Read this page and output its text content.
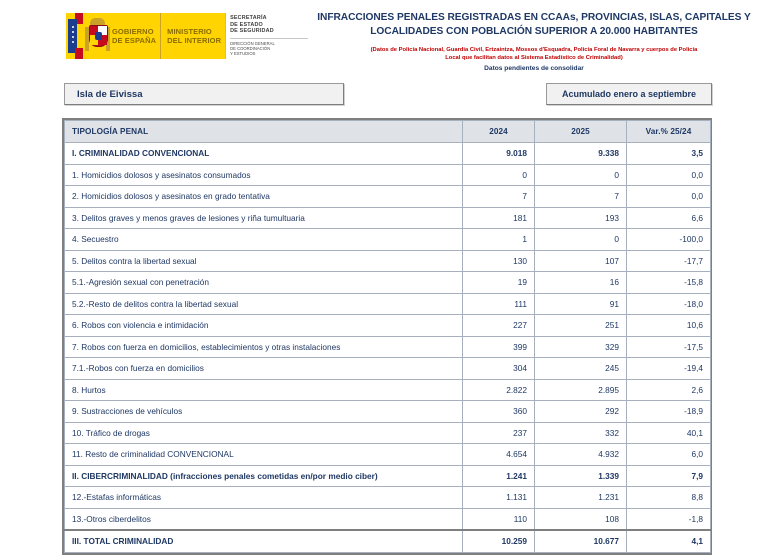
GOBIERNO
DE ESPAÑA
MINISTERIO
DEL INTERIOR
SECRETARÍA
DE ESTADO
DE SEGURIDAD
DIRECCIÓN GENERAL
DE COORDINACIÓN
Y ESTUDIOS
INFRACCIONES PENALES REGISTRADAS EN CCAAs, PROVINCIAS, ISLAS, CAPITALES Y
LOCALIDADES CON POBLACIÓN SUPERIOR A 20.000 HABITANTES
(Datos de Policía Nacional, Guardia Civil, Ertzaintza, Mossos d'Esquadra, Policía Foral de Navarra y cuerpos de Policía
Local que facilitan datos al Sistema Estadístico de Criminalidad)
Datos pendientes de consolidar
Isla de Eivissa	Acumulado enero a septiembre
TIPOLOGÍA PENAL	2024	2025	Var.% 25/24
I. CRIMINALIDAD CONVENCIONAL	9.018	9.338	3,5
1. Homicidios dolosos y asesinatos consumados	0	0	0,0
2. Homicidios dolosos y asesinatos en grado tentativa	7	7	0,0
3. Delitos graves y menos graves de lesiones y riña tumultuaria	181	193	6,6
4. Secuestro	1	0	-100,0
5. Delitos contra la libertad sexual	130	107	-17,7
5.1.-Agresión sexual con penetración	19	16	-15,8
5.2.-Resto de delitos contra la libertad sexual	111	91	-18,0
6. Robos con violencia e intimidación	227	251	10,6
7. Robos con fuerza en domicilios, establecimientos y otras instalaciones	399	329	-17,5
7.1.-Robos con fuerza en domicilios	304	245	-19,4
8. Hurtos	2.822	2.895	2,6
9. Sustracciones de vehículos	360	292	-18,9
10. Tráfico de drogas	237	332	40,1
11. Resto de criminalidad CONVENCIONAL	4.654	4.932	6,0
II. CIBERCRIMINALIDAD (infracciones penales cometidas en/por medio ciber)	1.241	1.339	7,9
12.-Estafas informáticas	1.131	1.231	8,8
13.-Otros ciberdelitos	110	108	-1,8
III. TOTAL CRIMINALIDAD	10.259	10.677	4,1
